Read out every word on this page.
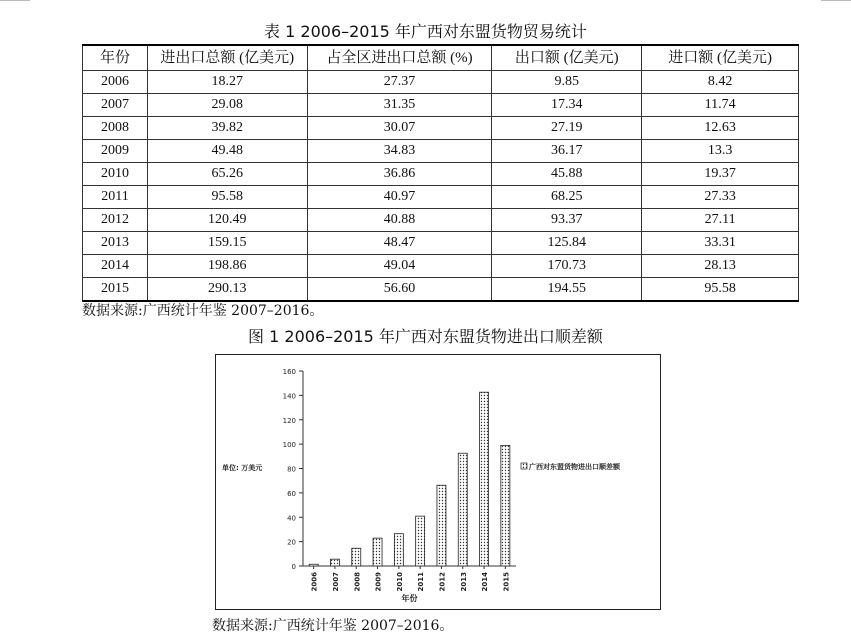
表 1 2006–2015 年广西对东盟货物贸易统计
年份	进出口总额 (亿美元)	占全区进出口总额 (%)	出口额 (亿美元)	进口额 (亿美元)
2006	18.27	27.37	9.85	8.42
2007	29.08	31.35	17.34	11.74
2008	39.82	30.07	27.19	12.63
2009	49.48	34.83	36.17	13.3
2010	65.26	36.86	45.88	19.37
2011	95.58	40.97	68.25	27.33
2012	120.49	40.88	93.37	27.11
2013	159.15	48.47	125.84	33.31
2014	198.86	49.04	170.73	28.13
2015	290.13	56.60	194.55	95.58
数据来源:广西统计年鉴 2007–2016。
图 1 2006–2015 年广西对东盟货物进出口顺差额
0
20
40
60
80
100
120
140
160
2006 2007 2008 2009 2010 2011 2012 2013 2014 2015
单位: 万美元
年份
广西对东盟货物进出口顺差额
数据来源:广西统计年鉴 2007–2016。
